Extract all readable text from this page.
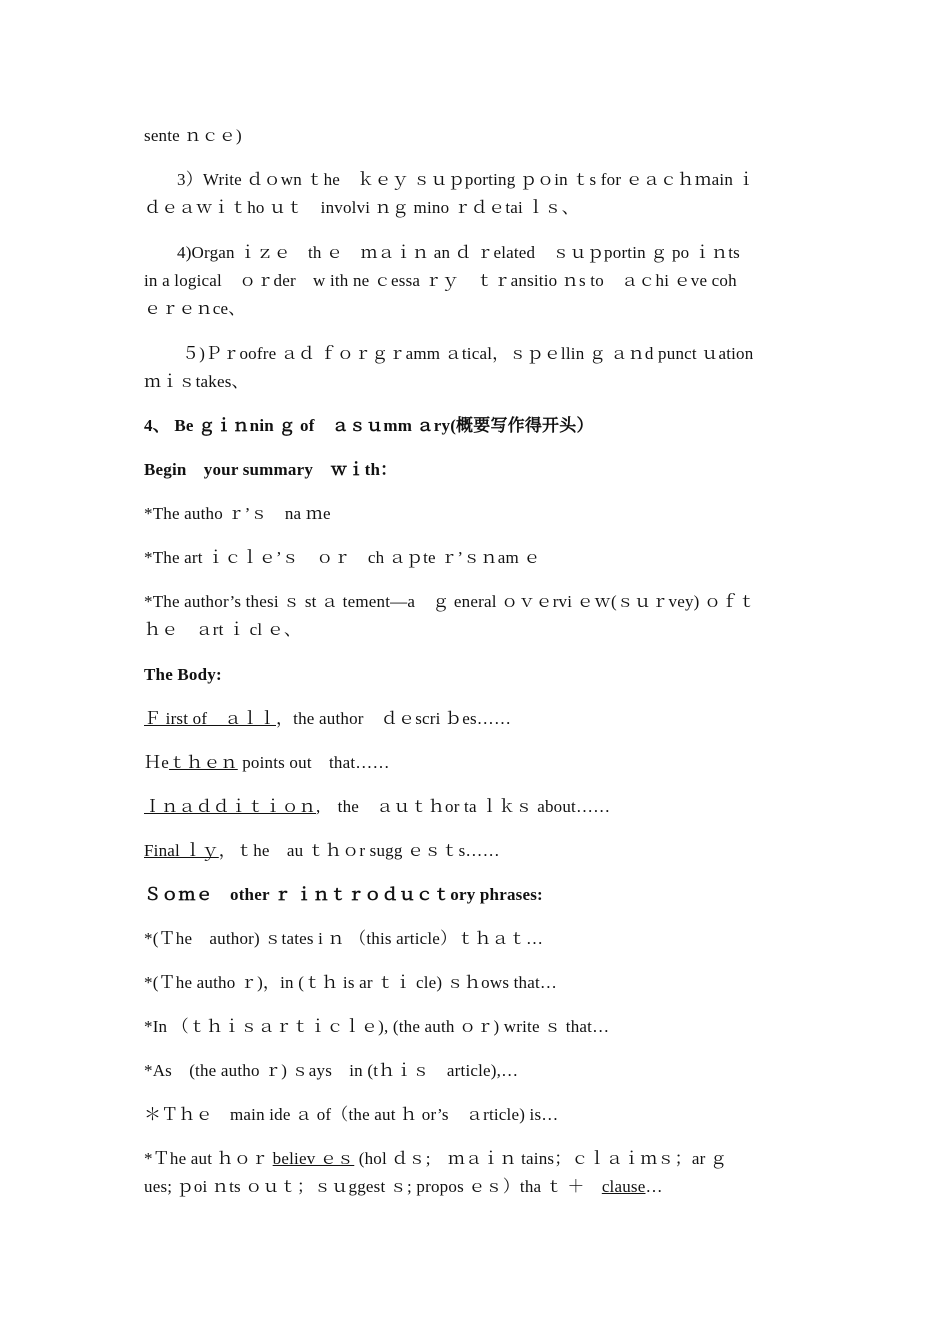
sente ｎｃｅ)
3）Write ｄｏwn ｔhe　ｋｅｙ ｓｕｐporting ｐｏin ｔs for ｅａｃｈｍain ｉ
ｄｅａｗｉｔho ｕｔ　involvi ｎｇ mino ｒｄｅtai ｌｓ、
4)Organ ｉｚｅ　th ｅ　ｍａｉｎ an ｄ ｒelated　ｓｕｐportin ｇ po ｉｎts
in a logical　ｏｒder　w ith ne ｃessa ｒｙ　ｔｒansitio ｎs to　ａｃhi ｅve coh
ｅｒｅｎce、
５)Ｐｒoofre ａｄ ｆｏｒｇｒamm ａtical，ｓｐｅllin ｇ ａｎd punct ｕation
ｍｉｓtakes、
4、 Be ｇｉｎnin ｇ of　ａｓｕmm ａry(概要写作得开头）
Begin　your summary　ｗｉth：
*The autho ｒ’ｓ　na ｍe
*The art ｉｃｌｅ’ｓ　ｏｒ　ch ａｐte ｒ’ｓｎam ｅ
*The author’s thesi ｓ st ａ tement—a　ｇ eneral ｏｖｅrvi ｅｗ(ｓｕｒvey) ｏｆｔ
ｈｅ　ａrt ｉ cl ｅ、
The Body:
Ｆ irst of　ａｌｌ，the author　ｄｅscri ｂes……
Ｈeｔｈｅｎ points out　that……
Ｉｎａｄｄｉｔｉｏｎ,　the　ａｕｔｈor ta ｌｋｓ about……
Final ｌｙ，ｔhe　au ｔｈｏr sugg ｅｓｔs……
Ｓｏｍｅ　other ｒ ｉｎｔｒｏｄｕｃｔory phrases:
*(Ｔhe　author) ｓtates i ｎ （this article）ｔｈａｔ…
*(Ｔhe autho ｒ)，in (ｔｈ is ar ｔｉ cle) ｓｈows that…
*In （ｔｈｉｓａｒｔｉｃｌｅ), (the auth ｏｒ) write ｓ that…
*As　(the autho ｒ) ｓays　in (tｈｉｓ　article),…
＊Ｔｈｅ　main ide ａ of（the aut ｈ or’s　ａrticle) is…
*Ｔhe aut ｈｏｒ believ ｅｓ (hol ｄｓ;　ｍａｉｎ tains；ｃｌａｉｍｓ；ar ｇ
ues; ｐoi ｎts ｏｕｔ；ｓｕggest ｓ; propos ｅｓ）tha ｔ ＋　clause…
